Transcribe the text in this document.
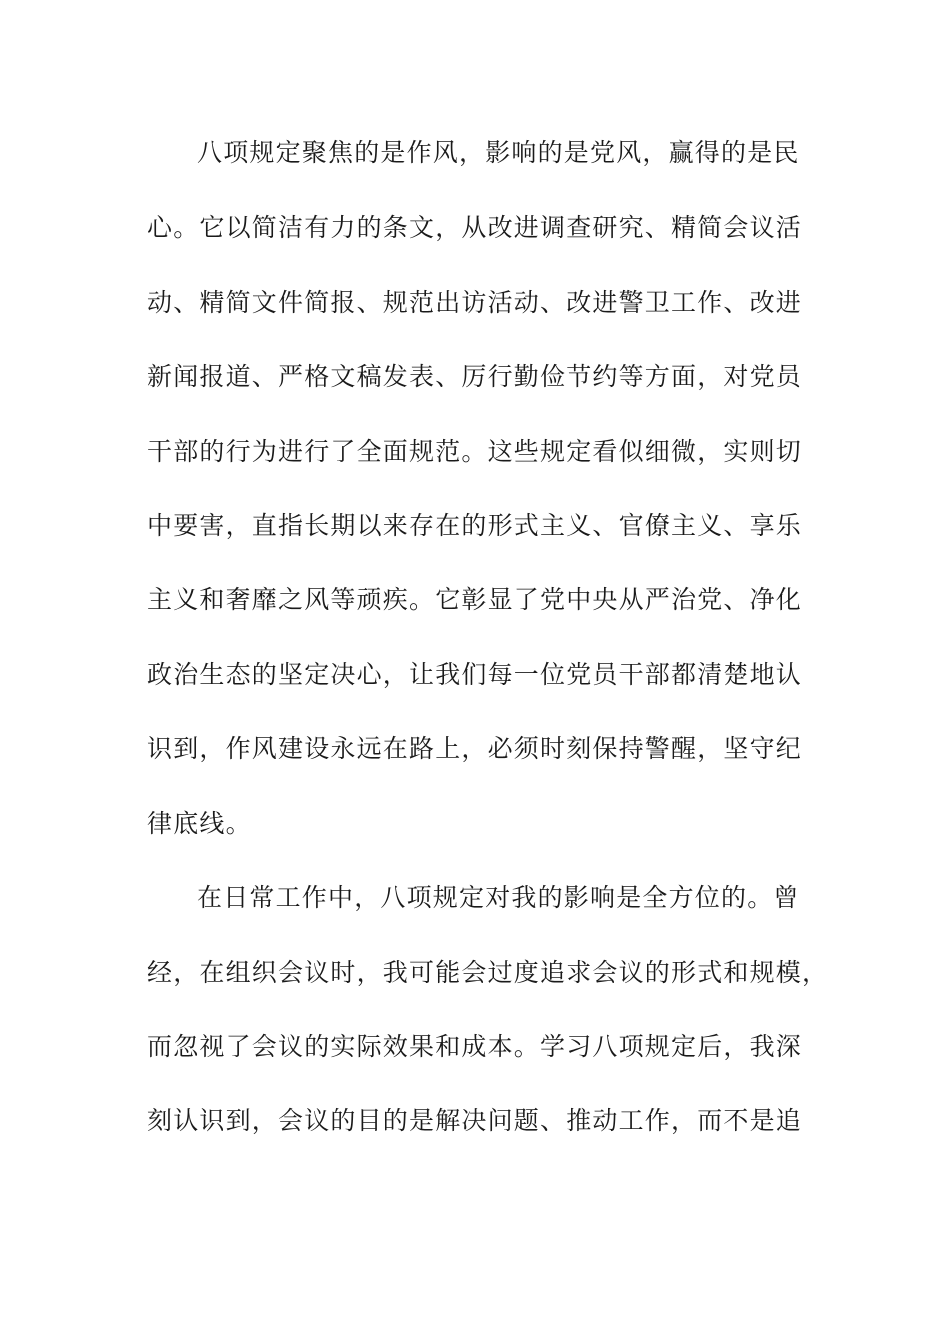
八项规定聚焦的是作风，影响的是党风，赢得的是民
心。它以简洁有力的条文，从改进调查研究、精简会议活
动、精简文件简报、规范出访活动、改进警卫工作、改进
新闻报道、严格文稿发表、厉行勤俭节约等方面，对党员
干部的行为进行了全面规范。这些规定看似细微，实则切
中要害，直指长期以来存在的形式主义、官僚主义、享乐
主义和奢靡之风等顽疾。它彰显了党中央从严治党、净化
政治生态的坚定决心，让我们每一位党员干部都清楚地认
识到，作风建设永远在路上，必须时刻保持警醒，坚守纪
律底线。
在日常工作中，八项规定对我的影响是全方位的。曾
经，在组织会议时，我可能会过度追求会议的形式和规模，
而忽视了会议的实际效果和成本。学习八项规定后，我深
刻认识到，会议的目的是解决问题、推动工作，而不是追
